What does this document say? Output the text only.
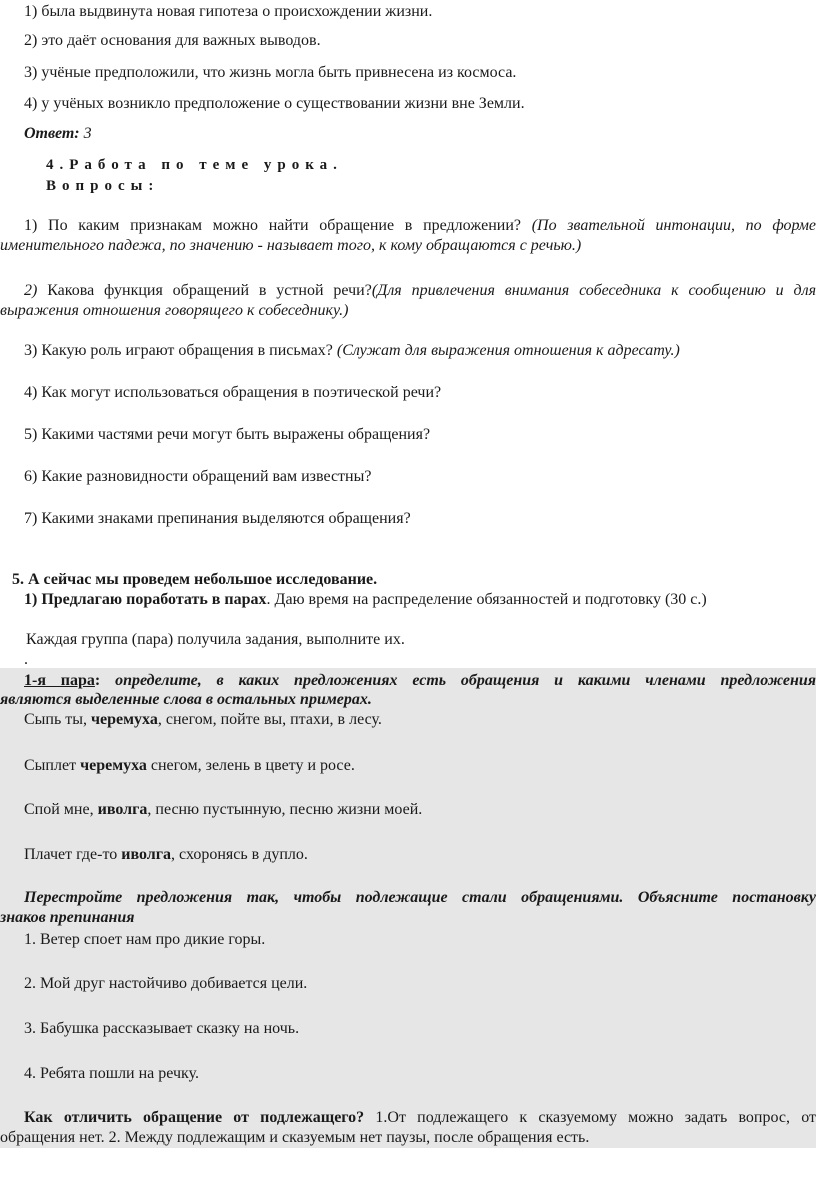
1) была выдвинута новая гипотеза о происхождении жизни.
2) это даёт основания для важных выводов.
3) учёные предположили, что жизнь могла быть привнесена из космоса.
4) у учёных возникло предположение о существовании жизни вне Земли.
Ответ: 3
4.Работа по теме урока.
Вопросы:
1) По каким признакам можно найти обращение в предложении? (По звательной интонации, по форме
именительного падежа, по значению - называет того, к кому обращаются с речью.)
2) Какова функция обращений в устной речи?(Для привлечения внимания собеседника к сообщению и для
выражения отношения говорящего к собеседнику.)
3) Какую роль играют обращения в письмах? (Служат для выражения отношения к адресату.)
4) Как могут использоваться обращения в поэтической речи?
5) Какими частями речи могут быть выражены обращения?
6) Какие разновидности обращений вам известны?
7) Какими знаками препинания выделяются обращения?
5. А сейчас мы проведем небольшое исследование.
1) Предлагаю поработать в парах. Даю время на распределение обязанностей и подготовку (30 с.)
Каждая группа (пара) получила задания, выполните их.
.
1-я пара: определите, в каких предложениях есть обращения и какими членами предложения
являются выделенные слова в остальных примерах.
Сыпь ты, черемуха, снегом, пойте вы, птахи, в лесу.
Сыплет черемуха снегом, зелень в цвету и росе.
Спой мне, иволга, песню пустынную, песню жизни моей.
Плачет где-то иволга, схоронясь в дупло.
Перестройте предложения так, чтобы подлежащие стали обращениями. Объясните постановку
знаков препинания
1. Ветер споет нам про дикие горы.
2. Мой друг настойчиво добивается цели.
3. Бабушка рассказывает сказку на ночь.
4. Ребята пошли на речку.
Как отличить обращение от подлежащего? 1.От подлежащего к сказуемому можно задать вопрос, от
обращения нет. 2. Между подлежащим и сказуемым нет паузы, после обращения есть.
